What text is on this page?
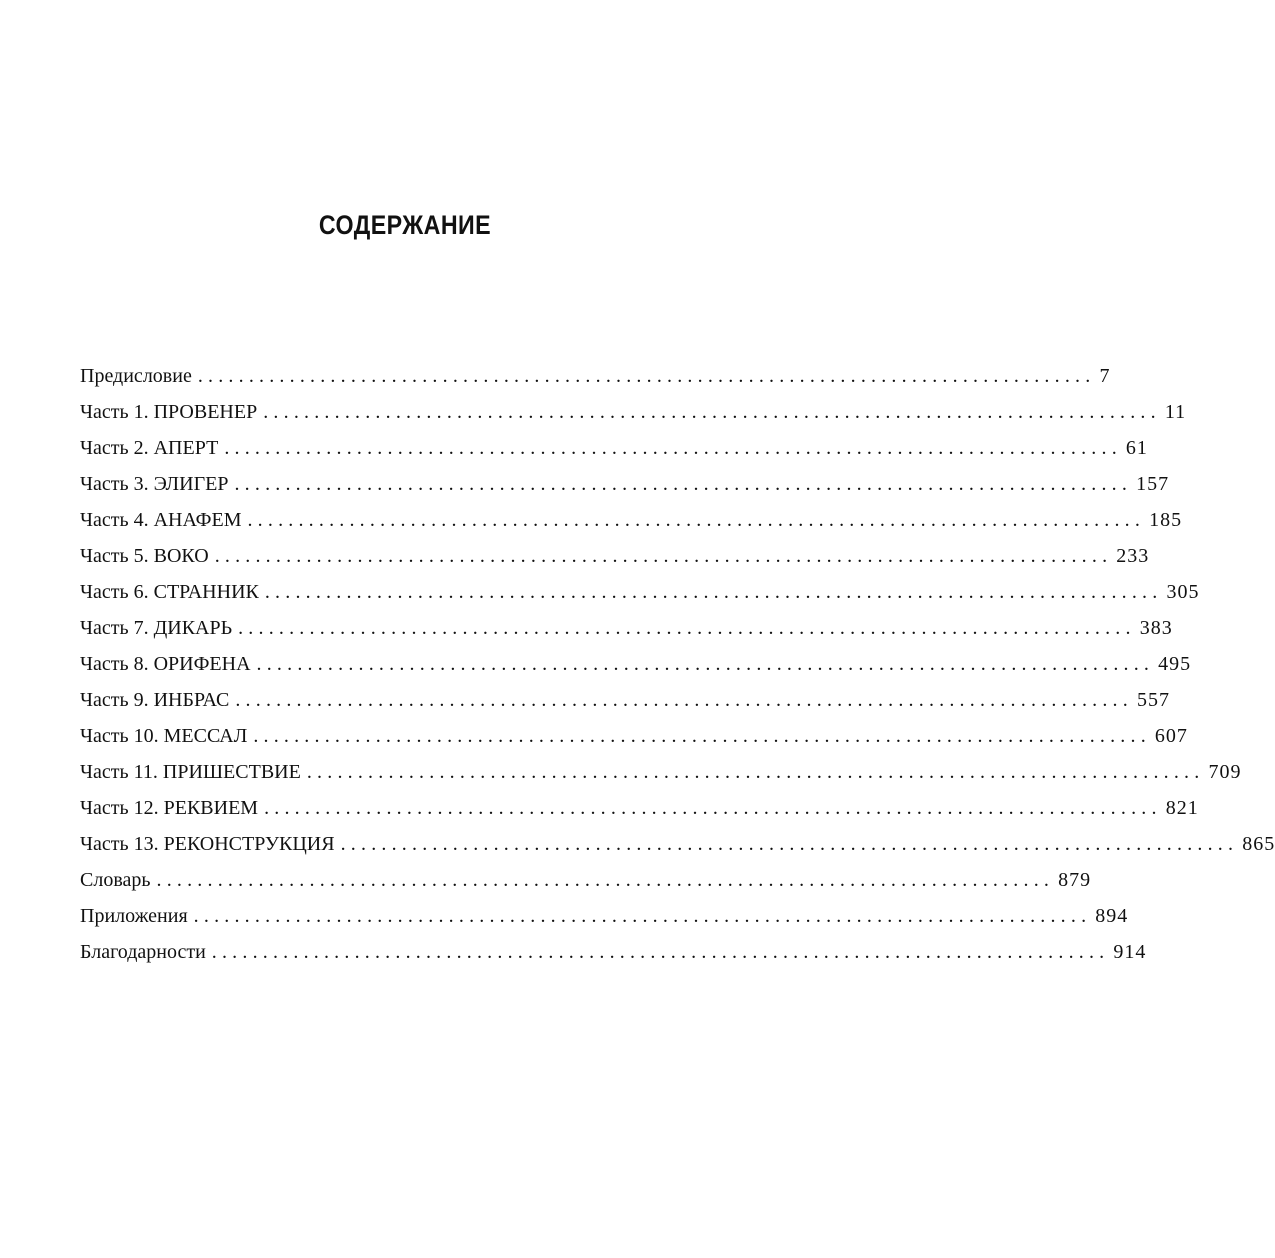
СОДЕРЖАНИЕ
Предисловие ........................................................................................ 7
Часть 1. ПРОВЕНЕР ........................................................................................ 11
Часть 2. АПЕРТ ........................................................................................ 61
Часть 3. ЭЛИГЕР ........................................................................................ 157
Часть 4. АНАФЕМ ........................................................................................ 185
Часть 5. ВОКО ........................................................................................ 233
Часть 6. СТРАННИК ........................................................................................ 305
Часть 7. ДИКАРЬ ........................................................................................ 383
Часть 8. ОРИФЕНА ........................................................................................ 495
Часть 9. ИНБРАС ........................................................................................ 557
Часть 10. МЕССАЛ ........................................................................................ 607
Часть 11. ПРИШЕСТВИЕ ........................................................................................ 709
Часть 12. РЕКВИЕМ ........................................................................................ 821
Часть 13. РЕКОНСТРУКЦИЯ ........................................................................................ 865
Словарь ........................................................................................ 879
Приложения ........................................................................................ 894
Благодарности ........................................................................................ 914
